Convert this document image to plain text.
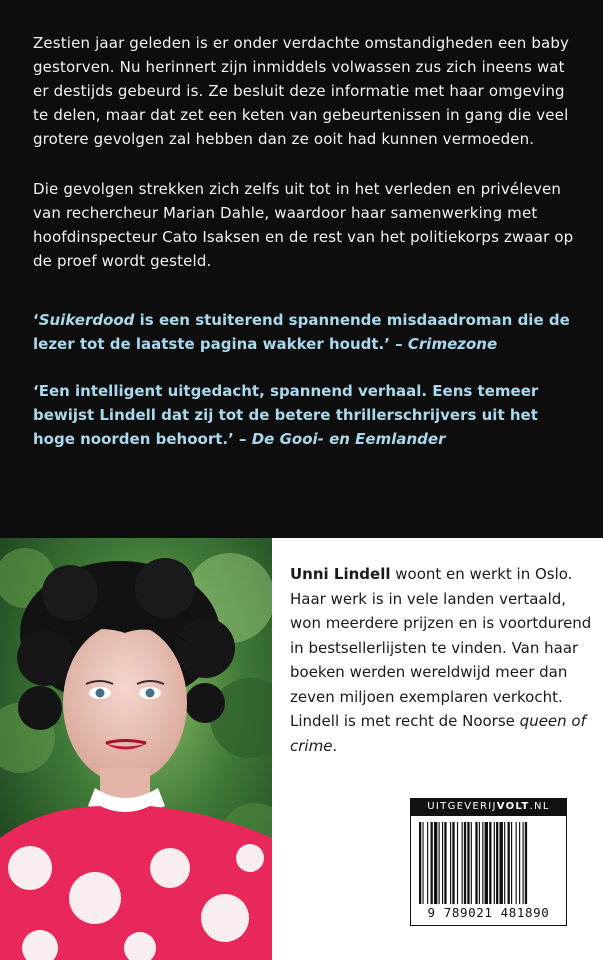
Zestien jaar geleden is er onder verdachte omstandigheden een baby gestorven. Nu herinnert zijn inmiddels volwassen zus zich ineens wat er destijds gebeurd is. Ze besluit deze informatie met haar omgeving te delen, maar dat zet een keten van gebeurtenissen in gang die veel grotere gevolgen zal hebben dan ze ooit had kunnen vermoeden.

Die gevolgen strekken zich zelfs uit tot in het verleden en privéleven van rechercheur Marian Dahle, waardoor haar samenwerking met hoofdinspecteur Cato Isaksen en de rest van het politiekorps zwaar op de proef wordt gesteld.

‘Suikerdood is een stuiterend spannende misdaadroman die de lezer tot de laatste pagina wakker houdt.’ – Crimezone

‘Een intelligent uitgedacht, spannend verhaal. Eens temeer bewijst Lindell dat zij tot de betere thrillerschrijvers uit het hoge noorden behoort.’ – De Gooi- en Eemlander

Unni Lindell woont en werkt in Oslo. Haar werk is in vele landen vertaald, won meerdere prijzen en is voortdurend in bestsellerlijsten te vinden. Van haar boeken werden wereldwijd meer dan zeven miljoen exemplaren verkocht. Lindell is met recht de Noorse queen of crime.

UITGEVERIJVOLT.NL
9 789021 481890
